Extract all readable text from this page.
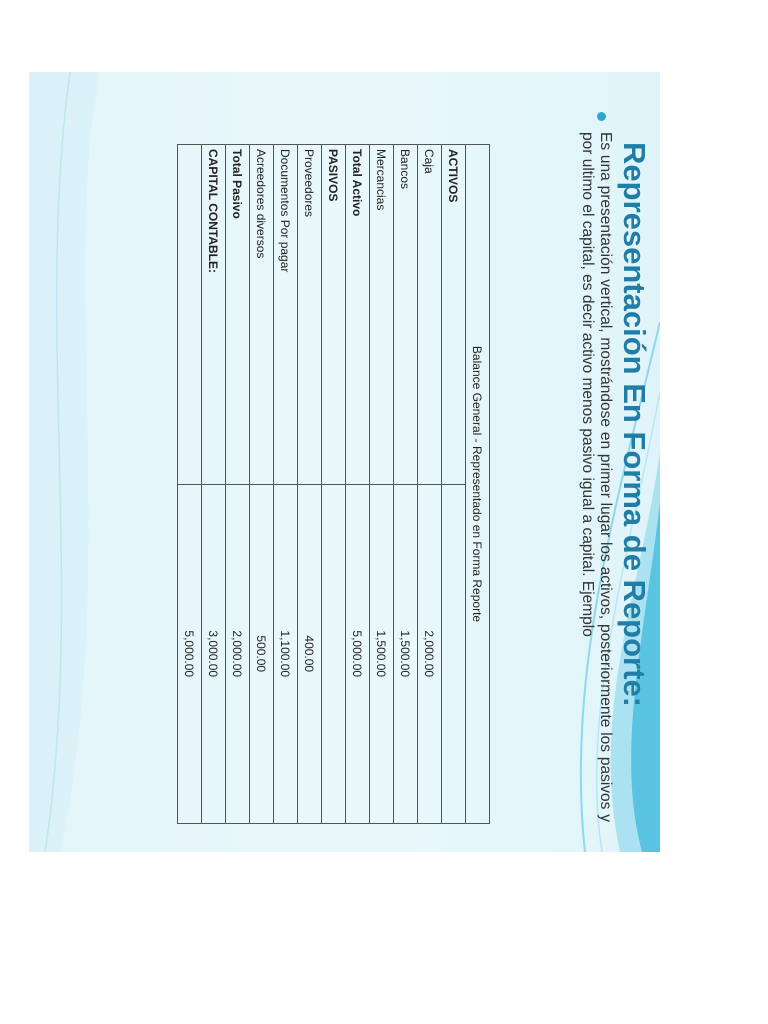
Representación En Forma de Reporte:

Es una presentación vertical, mostrándose en primer lugar los activos, posteriormente los pasivos y por ultimo el capital, es decir activo menos pasivo igual a capital. Ejemplo

Balance General - Representado en Forma Reporte	
ACTIVOS	
Caja	2,000.00
Bancos	1,500.00
Mercancias	1,500.00
Total Activo	5,000.00
PASIVOS	
Proveedores	400.00
Documentos Por pagar	1,100.00
Acreedores diversos	500.00
Total Pasivo	2,000.00
CAPITAL CONTABLE:	3,000.00
	5,000.00
